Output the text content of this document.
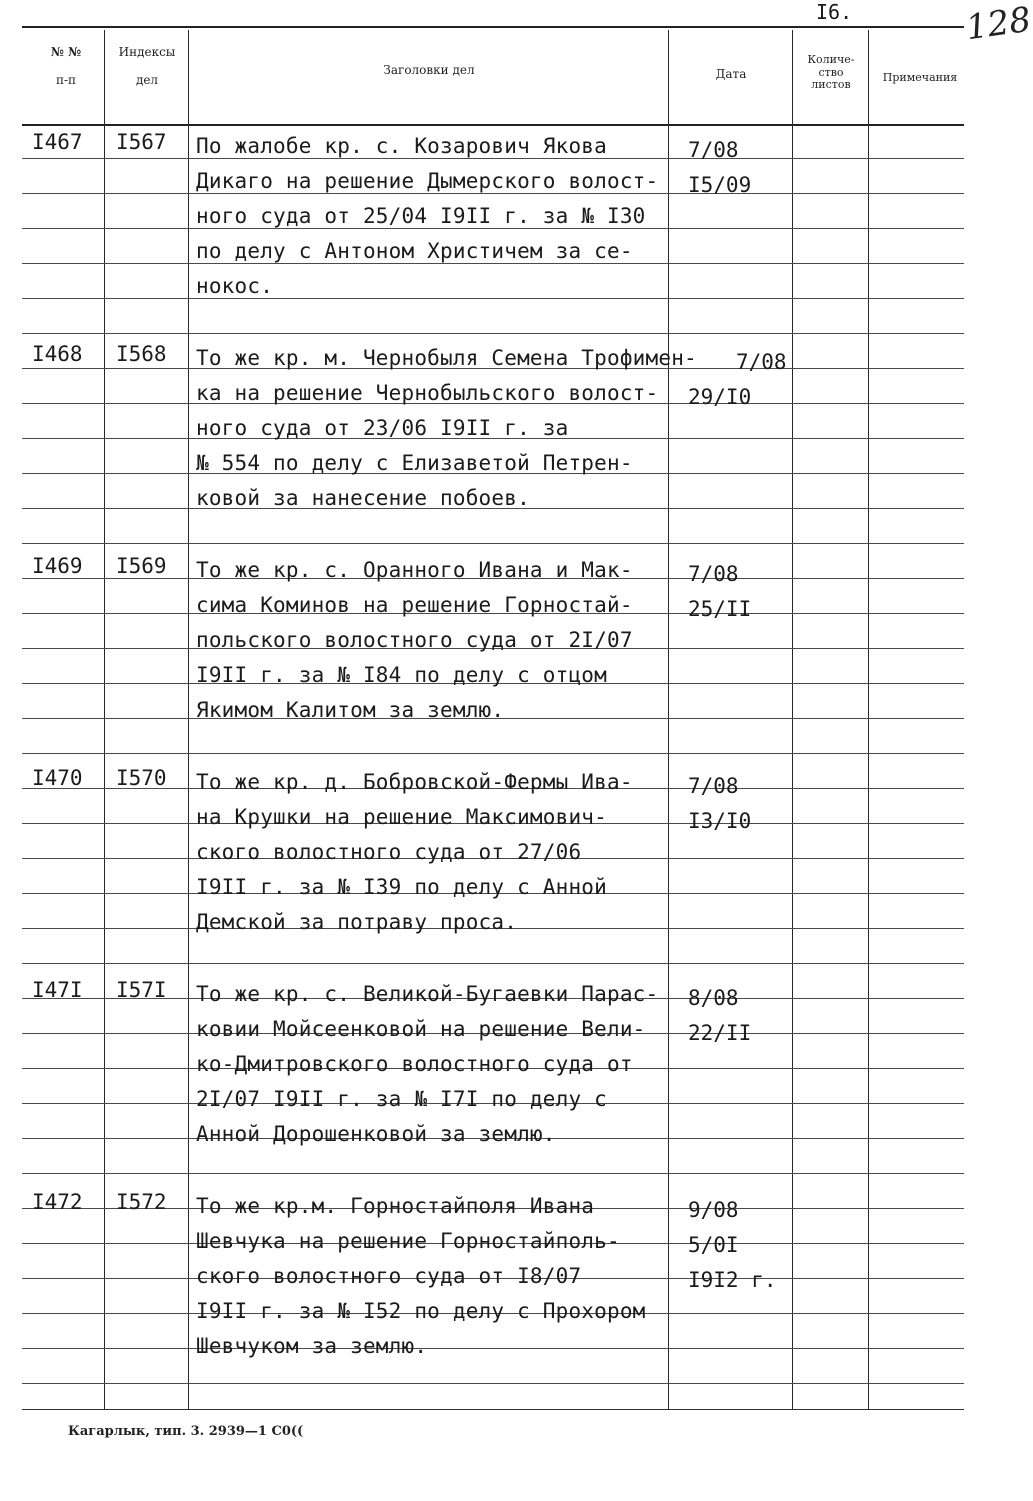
I6.	128
№ №
п-п
Индексы
дел
Заголовки дел	Дата
Количе-
ство
листов
Примечания
I467 I567 По жалобе кр. с. Козарович Якова
Дикаго на решение Дымерского волост-
ного суда от 25/04 I9II г. за № I30
по делу с Антоном Христичем за се-
нокос.
7/08
I5/09
I468 I568 То же кр. м. Чернобыля Семена Трофимен-
ка на решение Чернобыльского волост-
ного суда от 23/06 I9II г. за
№ 554 по делу с Елизаветой Петрен-
ковой за нанесение побоев.
7/08
29/I0
I469 I569 То же кр. с. Оранного Ивана и Мак-
сима Коминов на решение Горностай-
польского волостного суда от 2I/07
I9II г. за № I84 по делу с отцом
Якимом Калитом за землю.
7/08
25/II
I470 I570 То же кр. д. Бобровской-Фермы Ива-
на Крушки на решение Максимович-
ского волостного суда от 27/06
I9II г. за № I39 по делу с Анной
Демской за потраву проса.
7/08
I3/I0
I47I I57I То же кр. с. Великой-Бугаевки Парас-
ковии Мойсеенковой на решение Вели-
ко-Дмитровского волостного суда от
2I/07 I9II г. за № I7I по делу с
Анной Дорошенковой за землю.
8/08
22/II
I472 I572 То же кр.м. Горностайполя Ивана
Шевчука на решение Горностайполь-
ского волостного суда от I8/07
I9II г. за № I52 по делу с Прохором
Шевчуком за землю.
9/08
5/0I
I9I2 г.
Кагарлык, тип. 3. 2939—1 С0((
